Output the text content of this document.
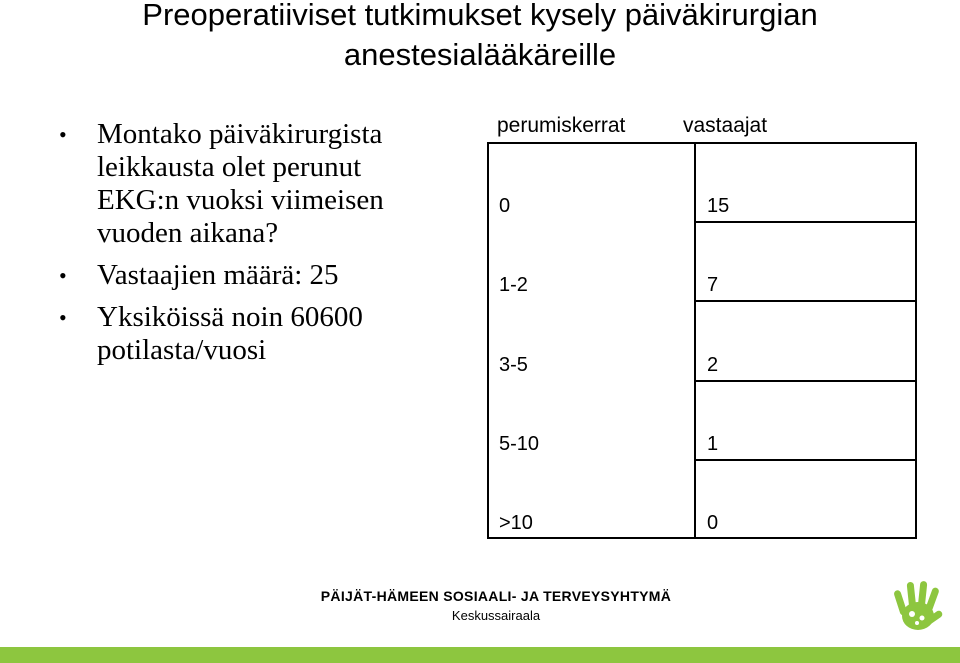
Preoperatiiviset tutkimukset kysely päiväkirurgian
anestesialääkäreille
• Montako päiväkirurgista leikkausta olet perunut EKG:n vuoksi viimeisen vuoden aikana?
• Vastaajien määrä: 25
• Yksiköissä noin 60600 potilasta/vuosi
perumiskerrat	vastaajat
0	15
1-2	7
3-5	2
5-10	1
>10	0
PÄIJÄT-HÄMEEN SOSIAALI- JA TERVEYSYHTYMÄ
Keskussairaala
